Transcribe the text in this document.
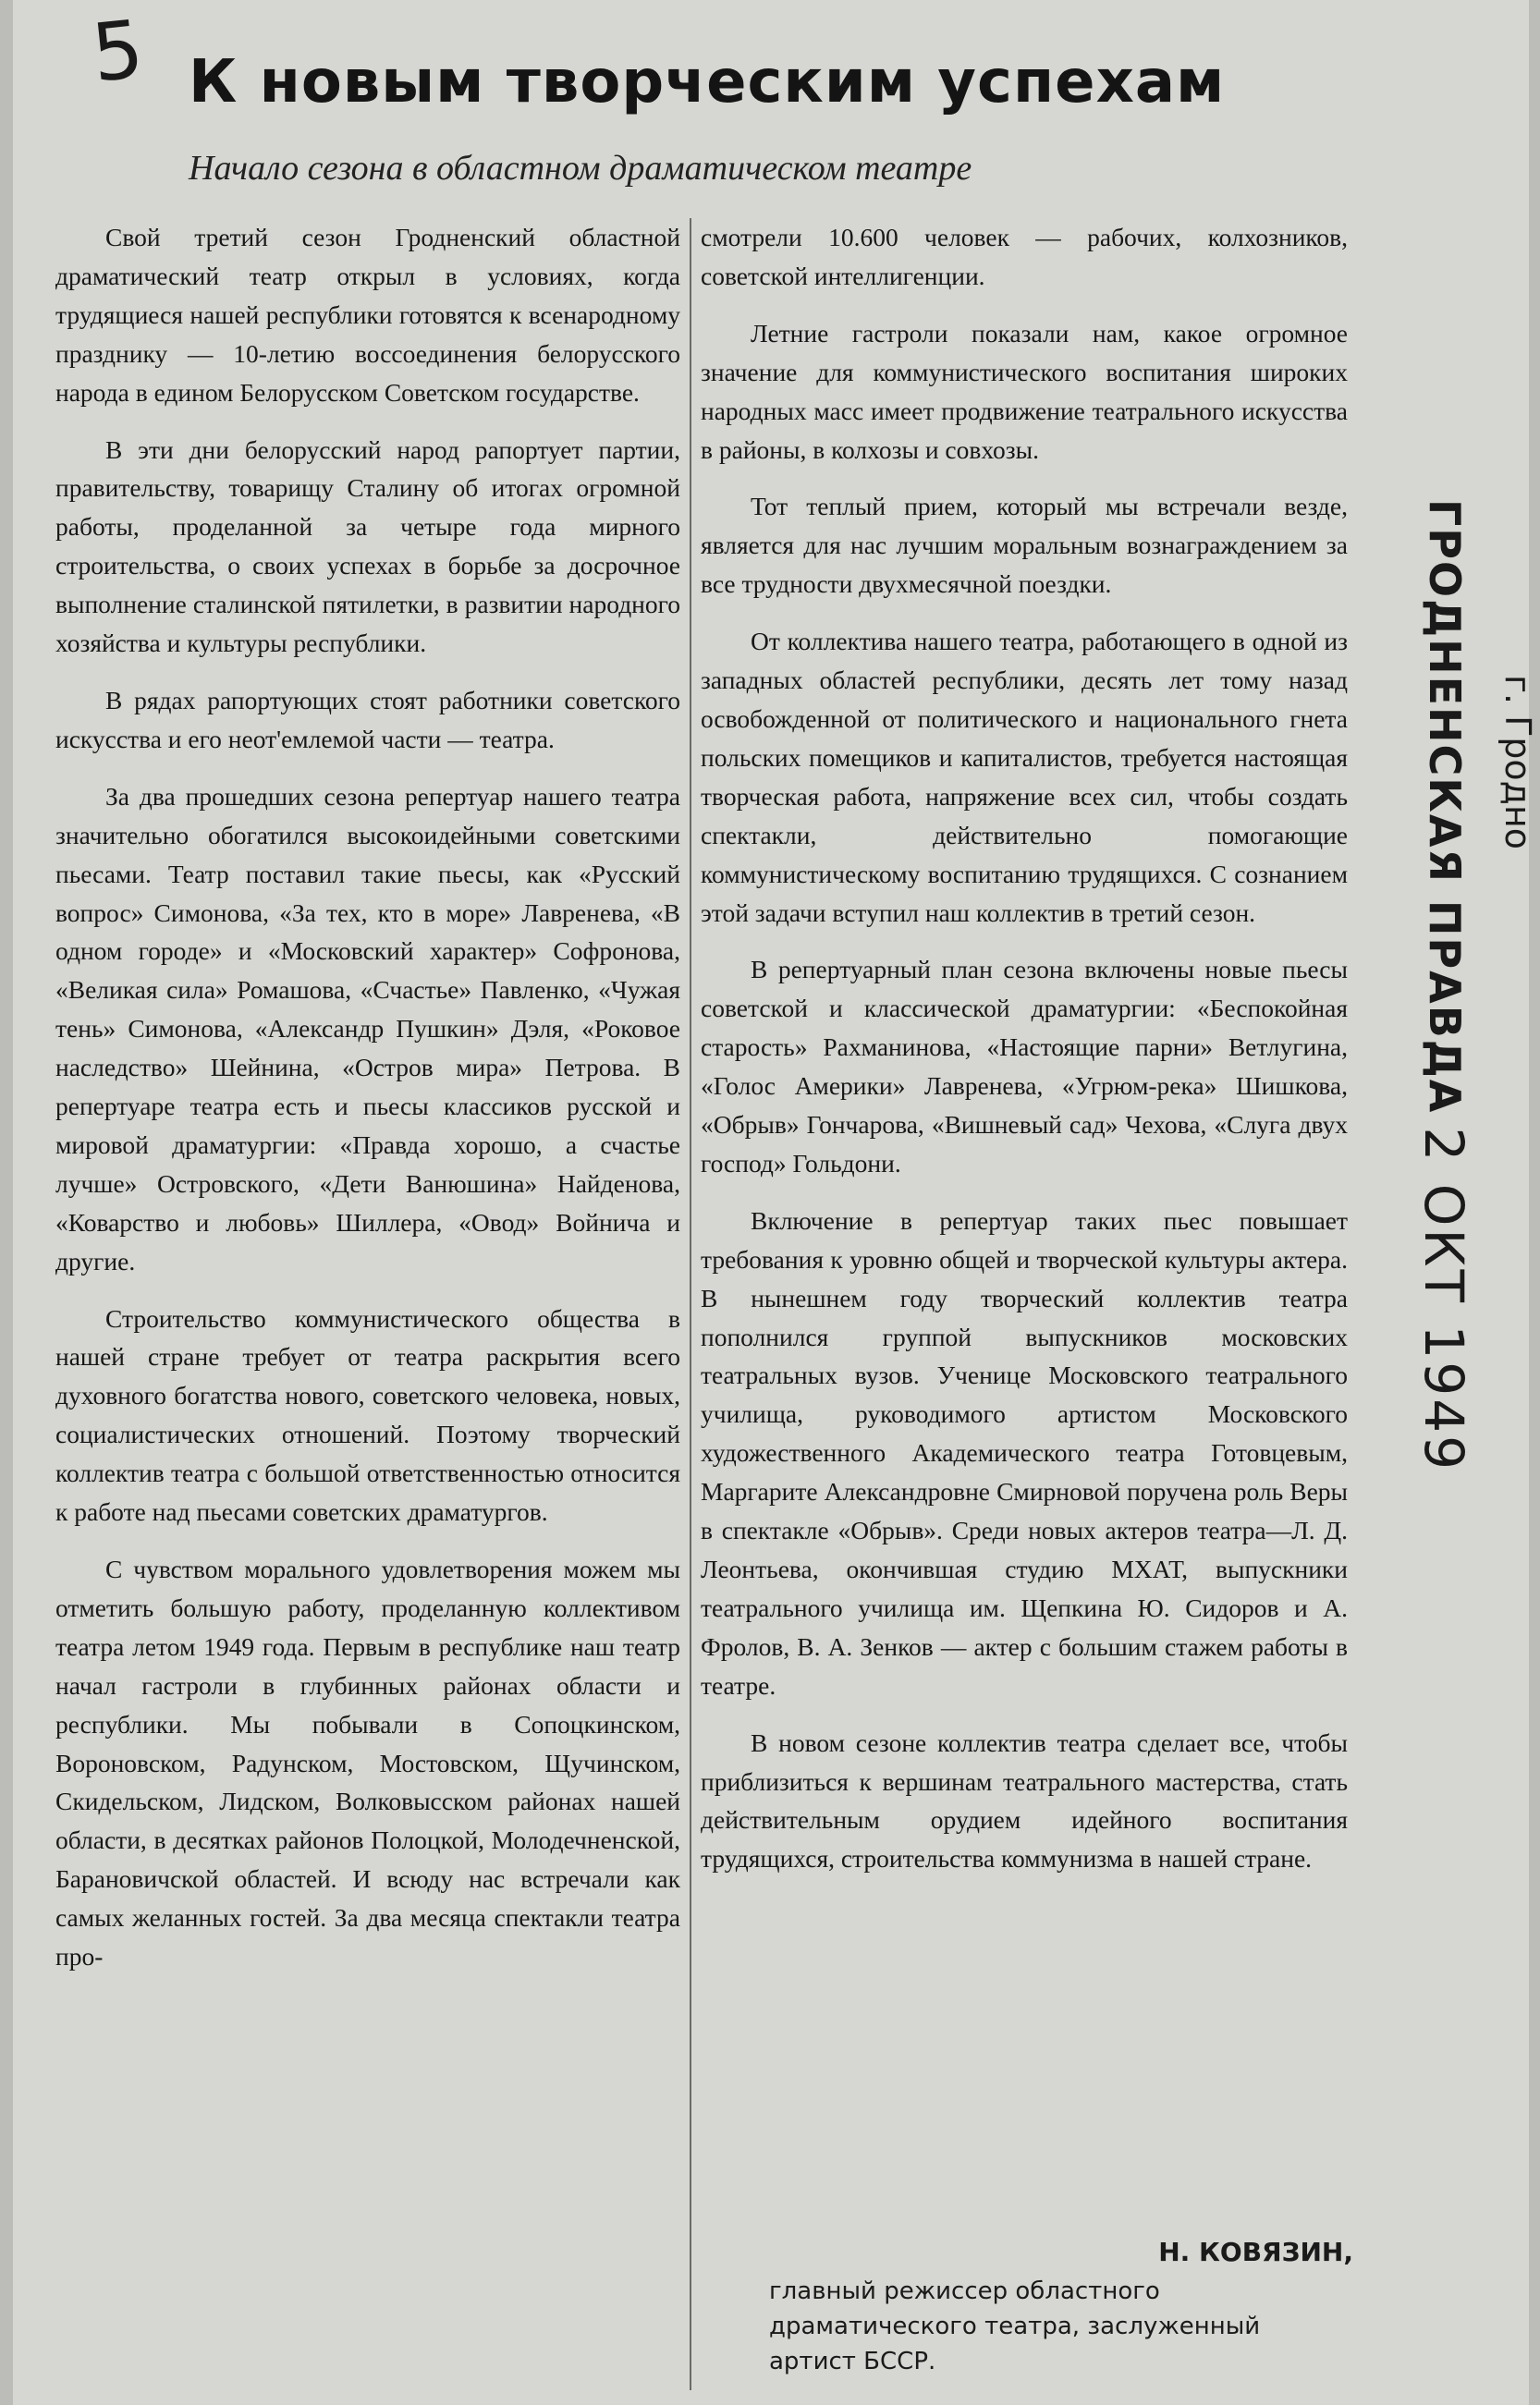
5 К новым творческим успехам
Начало сезона в областном драматическом театре

Свой третий сезон Гродненский областной драматический театр открыл в условиях, когда трудящиеся нашей республики готовятся к всенародному празднику — 10-летию воссоединения белорусского народа в едином Белорусском Советском государстве.

В эти дни белорусский народ рапортует партии, правительству, товарищу Сталину об итогах огромной работы, проделанной за четыре года мирного строительства, о своих успехах в борьбе за досрочное выполнение сталинской пятилетки, в развитии народного хозяйства и культуры республики.

В рядах рапортующих стоят работники советского искусства и его неот'емлемой части — театра.

За два прошедших сезона репертуар нашего театра значительно обогатился высокоидейными советскими пьесами. Театр поставил такие пьесы, как «Русский вопрос» Симонова, «За тех, кто в море» Лавренева, «В одном городе» и «Московский характер» Софронова, «Великая сила» Ромашова, «Счастье» Павленко, «Чужая тень» Симонова, «Александр Пушкин» Дэля, «Роковое наследство» Шейнина, «Остров мира» Петрова. В репертуаре театра есть и пьесы классиков русской и мировой драматургии: «Правда хорошо, а счастье лучше» Островского, «Дети Ванюшина» Найденова, «Коварство и любовь» Шиллера, «Овод» Войнича и другие.

Строительство коммунистического общества в нашей стране требует от театра раскрытия всего духовного богатства нового, советского человека, новых, социалистических отношений. Поэтому творческий коллектив театра с большой ответственностью относится к работе над пьесами советских драматургов.

С чувством морального удовлетворения можем мы отметить большую работу, проделанную коллективом театра летом 1949 года. Первым в республике наш театр начал гастроли в глубинных районах области и республики. Мы побывали в Сопоцкинском, Вороновском, Радунском, Мостовском, Щучинском, Скидельском, Лидском, Волковысском районах нашей области, в десятках районов Полоцкой, Молодечненской, Барановичской областей. И всюду нас встречали как самых желанных гостей. За два месяца спектакли театра про-

смотрели 10.600 человек — рабочих, колхозников, советской интеллигенции.

Летние гастроли показали нам, какое огромное значение для коммунистического воспитания широких народных масс имеет продвижение театрального искусства в районы, в колхозы и совхозы.

Тот теплый прием, который мы встречали везде, является для нас лучшим моральным вознаграждением за все трудности двухмесячной поездки.

От коллектива нашего театра, работающего в одной из западных областей республики, десять лет тому назад освобожденной от политического и национального гнета польских помещиков и капиталистов, требуется настоящая творческая работа, напряжение всех сил, чтобы создать спектакли, действительно помогающие коммунистическому воспитанию трудящихся. С сознанием этой задачи вступил наш коллектив в третий сезон.

В репертуарный план сезона включены новые пьесы советской и классической драматургии: «Беспокойная старость» Рахманинова, «Настоящие парни» Ветлугина, «Голос Америки» Лавренева, «Угрюм-река» Шишкова, «Обрыв» Гончарова, «Вишневый сад» Чехова, «Слуга двух господ» Гольдони.

Включение в репертуар таких пьес повышает требования к уровню общей и творческой культуры актера. В нынешнем году творческий коллектив театра пополнился группой выпускников московских театральных вузов. Ученице Московского театрального училища, руководимого артистом Московского художественного Академического театра Готовцевым, Маргарите Александровне Смирновой поручена роль Веры в спектакле «Обрыв». Среди новых актеров театра—Л. Д. Леонтьева, окончившая студию МХАТ, выпускники театрального училища им. Щепкина Ю. Сидоров и А. Фролов, В. А. Зенков — актер с большим стажем работы в театре.

В новом сезоне коллектив театра сделает все, чтобы приблизиться к вершинам театрального мастерства, стать действительным орудием идейного воспитания трудящихся, строительства коммунизма в нашей стране.

Н. КОВЯЗИН,
главный режиссер областного драматического театра, заслуженный артист БССР.
ГРОДНЕНСКАЯ ПРАВДА г. Гродно
- 2 ОКТ 1949
